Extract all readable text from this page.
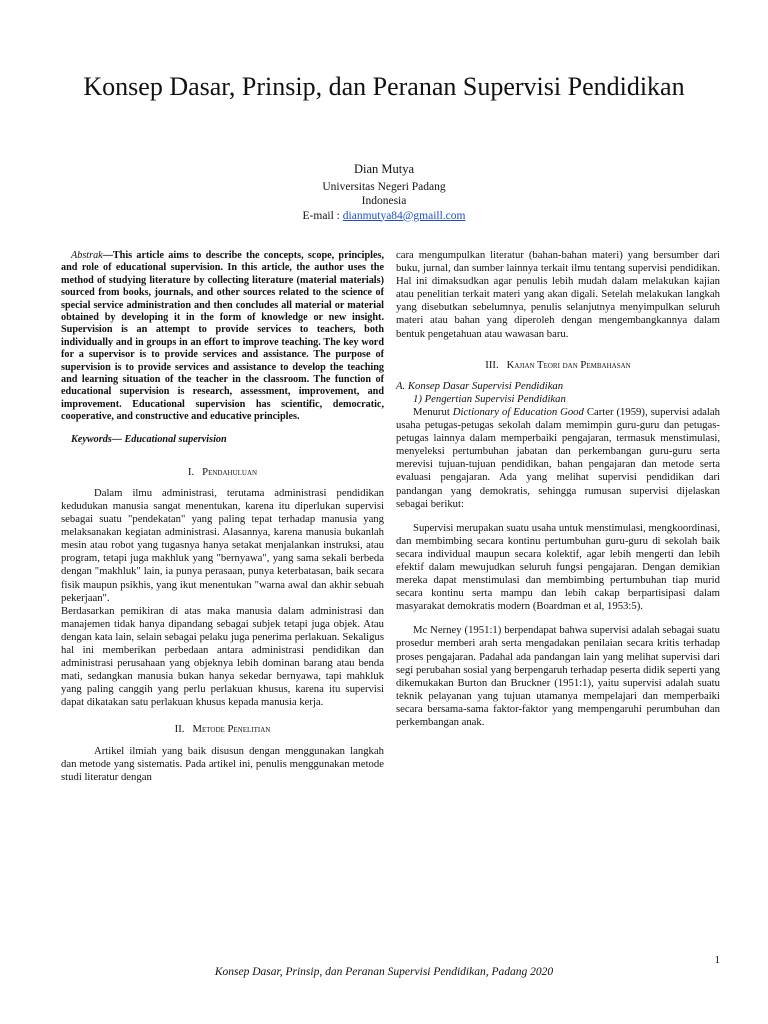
Konsep Dasar, Prinsip, dan Peranan Supervisi Pendidikan
Dian Mutya
Universitas Negeri Padang
Indonesia
E-mail : dianmutya84@gmaill.com

Abstrak—This article aims to describe the concepts, scope, principles, and role of educational supervision. In this article, the author uses the method of studying literature by collecting literature (material materials) sourced from books, journals, and other sources related to the science of special service administration and then concludes all material or material obtained by developing it in the form of knowledge or new insight. Supervision is an attempt to provide services to teachers, both individually and in groups in an effort to improve teaching. The key word for a supervisor is to provide services and assistance. The purpose of supervision is to provide services and assistance to develop the teaching and learning situation of the teacher in the classroom. The function of educational supervision is research, assessment, improvement, and improvement. Educational supervision has scientific, democratic, cooperative, and constructive and educative principles.

Keywords— Educational supervision

I. Pendahuluan

Dalam ilmu administrasi, terutama administrasi pendidikan kedudukan manusia sangat menentukan, karena itu diperlukan supervisi sebagai suatu "pendekatan" yang paling tepat terhadap manusia yang melaksanakan kegiatan administrasi. Alasannya, karena manusia bukanlah mesin atau robot yang tugasnya hanya setakat menjalankan instruksi, atau program, tetapi juga makhluk yang "bernyawa", yang sama sekali berbeda dengan "makhluk" lain, ia punya perasaan, punya keterbatasan, baik secara fisik maupun psikhis, yang ikut menentukan "warna awal dan akhir sebuah pekerjaan".

Berdasarkan pemikiran di atas maka manusia dalam administrasi dan manajemen tidak hanya dipandang sebagai subjek tetapi juga objek. Atau dengan kata lain, selain sebagai pelaku juga penerima perlakuan. Sekaligus hal ini memberikan perbedaan antara administrasi pendidikan dan administrasi perusahaan yang objeknya lebih dominan barang atau benda mati, sedangkan manusia bukan hanya sekedar bernyawa, tapi mahkluk yang paling canggih yang perlu perlakuan khusus, karena itu supervisi dapat dikatakan satu perlakuan khusus kepada manusia kerja.

II. Metode Penelitian

Artikel ilmiah yang baik disusun dengan menggunakan langkah dan metode yang sistematis. Pada artikel ini, penulis menggunakan metode studi literatur dengan

cara mengumpulkan literatur (bahan-bahan materi) yang bersumber dari buku, jurnal, dan sumber lainnya terkait ilmu tentang supervisi pendidikan. Hal ini dimaksudkan agar penulis lebih mudah dalam melakukan kajian atau penelitian terkait materi yang akan digali. Setelah melakukan langkah yang disebutkan sebelumnya, penulis selanjutnya menyimpulkan seluruh materi atau bahan yang diperoleh dengan mengembangkannya dalam bentuk pengetahuan atau wawasan baru.

III. Kajian Teori dan Pembahasan
A. Konsep Dasar Supervisi Pendidikan
1) Pengertian Supervisi Pendidikan

Menurut Dictionary of Education Good Carter (1959), supervisi adalah usaha petugas-petugas sekolah dalam memimpin guru-guru dan petugas-petugas lainnya dalam memperbaiki pengajaran, termasuk menstimulasi, menyeleksi pertumbuhan jabatan dan perkembangan guru-guru serta merevisi tujuan-tujuan pendidikan, bahan pengajaran dan metode serta evaluasi pengajaran. Ada yang melihat supervisi pendidikan dari pandangan yang demokratis, sehingga rumusan supervisi dijelaskan sebagai berikut:

Supervisi merupakan suatu usaha untuk menstimulasi, mengkoordinasi, dan membimbing secara kontinu pertumbuhan guru-guru di sekolah baik secara individual maupun secara kolektif, agar lebih mengerti dan lebih efektif dalam mewujudkan seluruh fungsi pengajaran. Dengan demikian mereka dapat menstimulasi dan membimbing pertumbuhan tiap murid secara kontinu serta mampu dan lebih cakap berpartisipasi dalam masyarakat demokratis modern (Boardman et al, 1953:5).

Mc Nerney (1951:1) berpendapat bahwa supervisi adalah sebagai suatu prosedur memberi arah serta mengadakan penilaian secara kritis terhadap proses pengajaran. Padahal ada pandangan lain yang melihat supervisi dari segi perubahan sosial yang berpengaruh terhadap peserta didik seperti yang dikemukakan Burton dan Bruckner (1951:1), yaitu supervisi adalah suatu teknik pelayanan yang tujuan utamanya mempelajari dan memperbaiki secara bersama-sama faktor-faktor yang mempengaruhi perumbuhan dan perkembangan anak.

1
Konsep Dasar, Prinsip, dan Peranan Supervisi Pendidikan, Padang 2020
